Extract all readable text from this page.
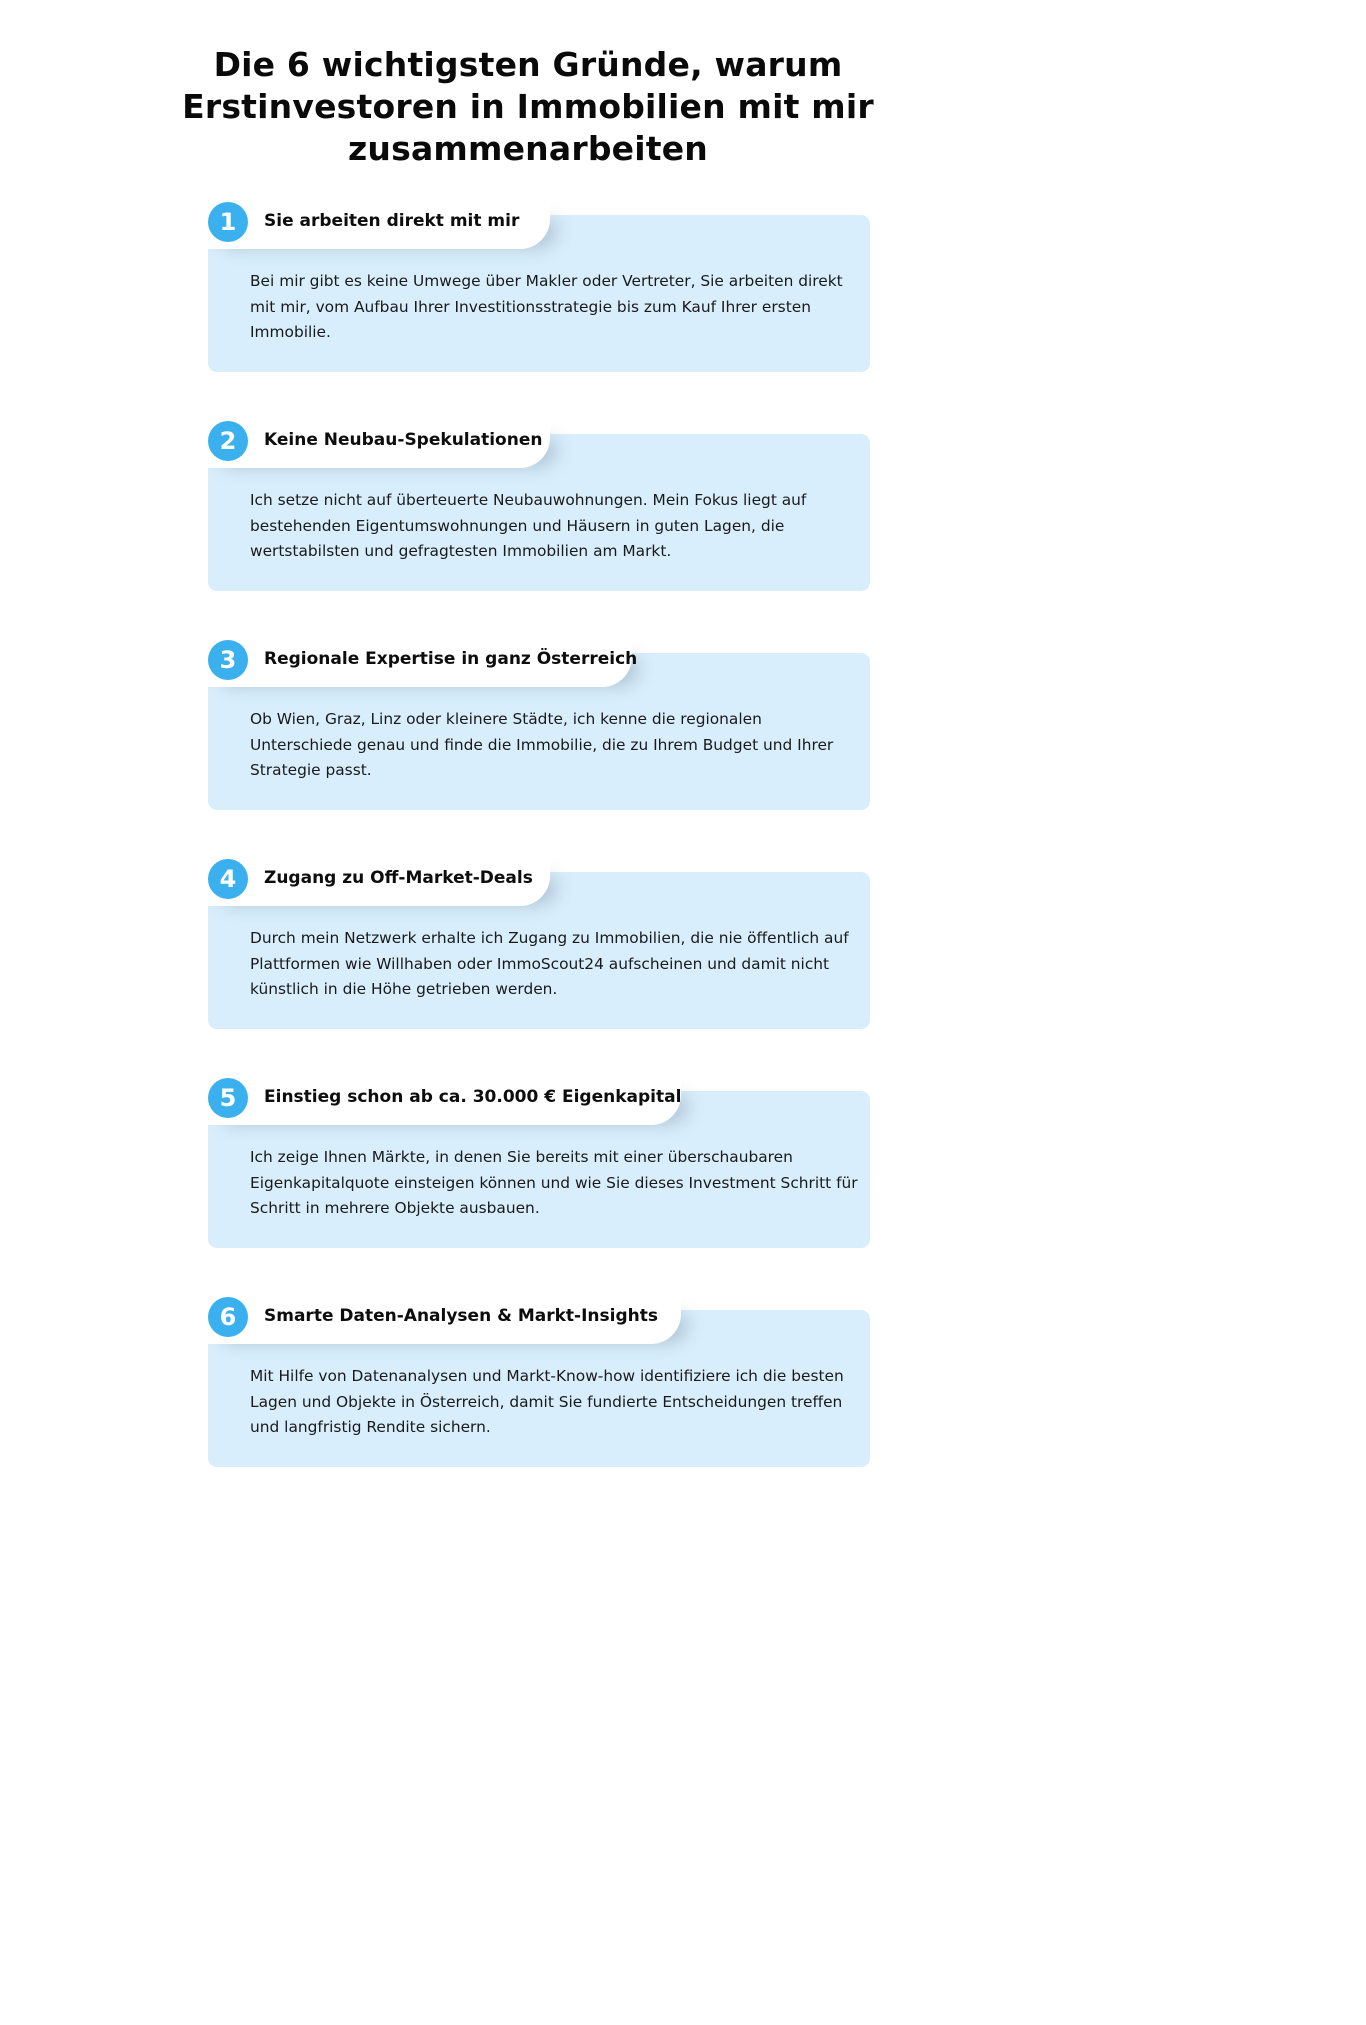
Die 6 wichtigsten Gründe, warum
Erstinvestoren in Immobilien mit mir
zusammenarbeiten
1	Sie arbeiten direkt mit mir

Bei mir gibt es keine Umwege über Makler oder Vertreter, Sie arbeiten direkt mit mir, vom Aufbau Ihrer Investitionsstrategie bis zum Kauf Ihrer ersten Immobilie.

2	Keine Neubau-Spekulationen

Ich setze nicht auf überteuerte Neubauwohnungen. Mein Fokus liegt auf bestehenden Eigentumswohnungen und Häusern in guten Lagen, die wertstabilsten und gefragtesten Immobilien am Markt.

3	Regionale Expertise in ganz Österreich

Ob Wien, Graz, Linz oder kleinere Städte, ich kenne die regionalen Unterschiede genau und finde die Immobilie, die zu Ihrem Budget und Ihrer Strategie passt.

4	Zugang zu Off-Market-Deals

Durch mein Netzwerk erhalte ich Zugang zu Immobilien, die nie öffentlich auf Plattformen wie Willhaben oder ImmoScout24 aufscheinen und damit nicht künstlich in die Höhe getrieben werden.

5	Einstieg schon ab ca. 30.000 € Eigenkapital

Ich zeige Ihnen Märkte, in denen Sie bereits mit einer überschaubaren Eigenkapitalquote einsteigen können und wie Sie dieses Investment Schritt für Schritt in mehrere Objekte ausbauen.

6	Smarte Daten-Analysen & Markt-Insights

Mit Hilfe von Datenanalysen und Markt-Know-how identifiziere ich die besten Lagen und Objekte in Österreich, damit Sie fundierte Entscheidungen treffen und langfristig Rendite sichern.
